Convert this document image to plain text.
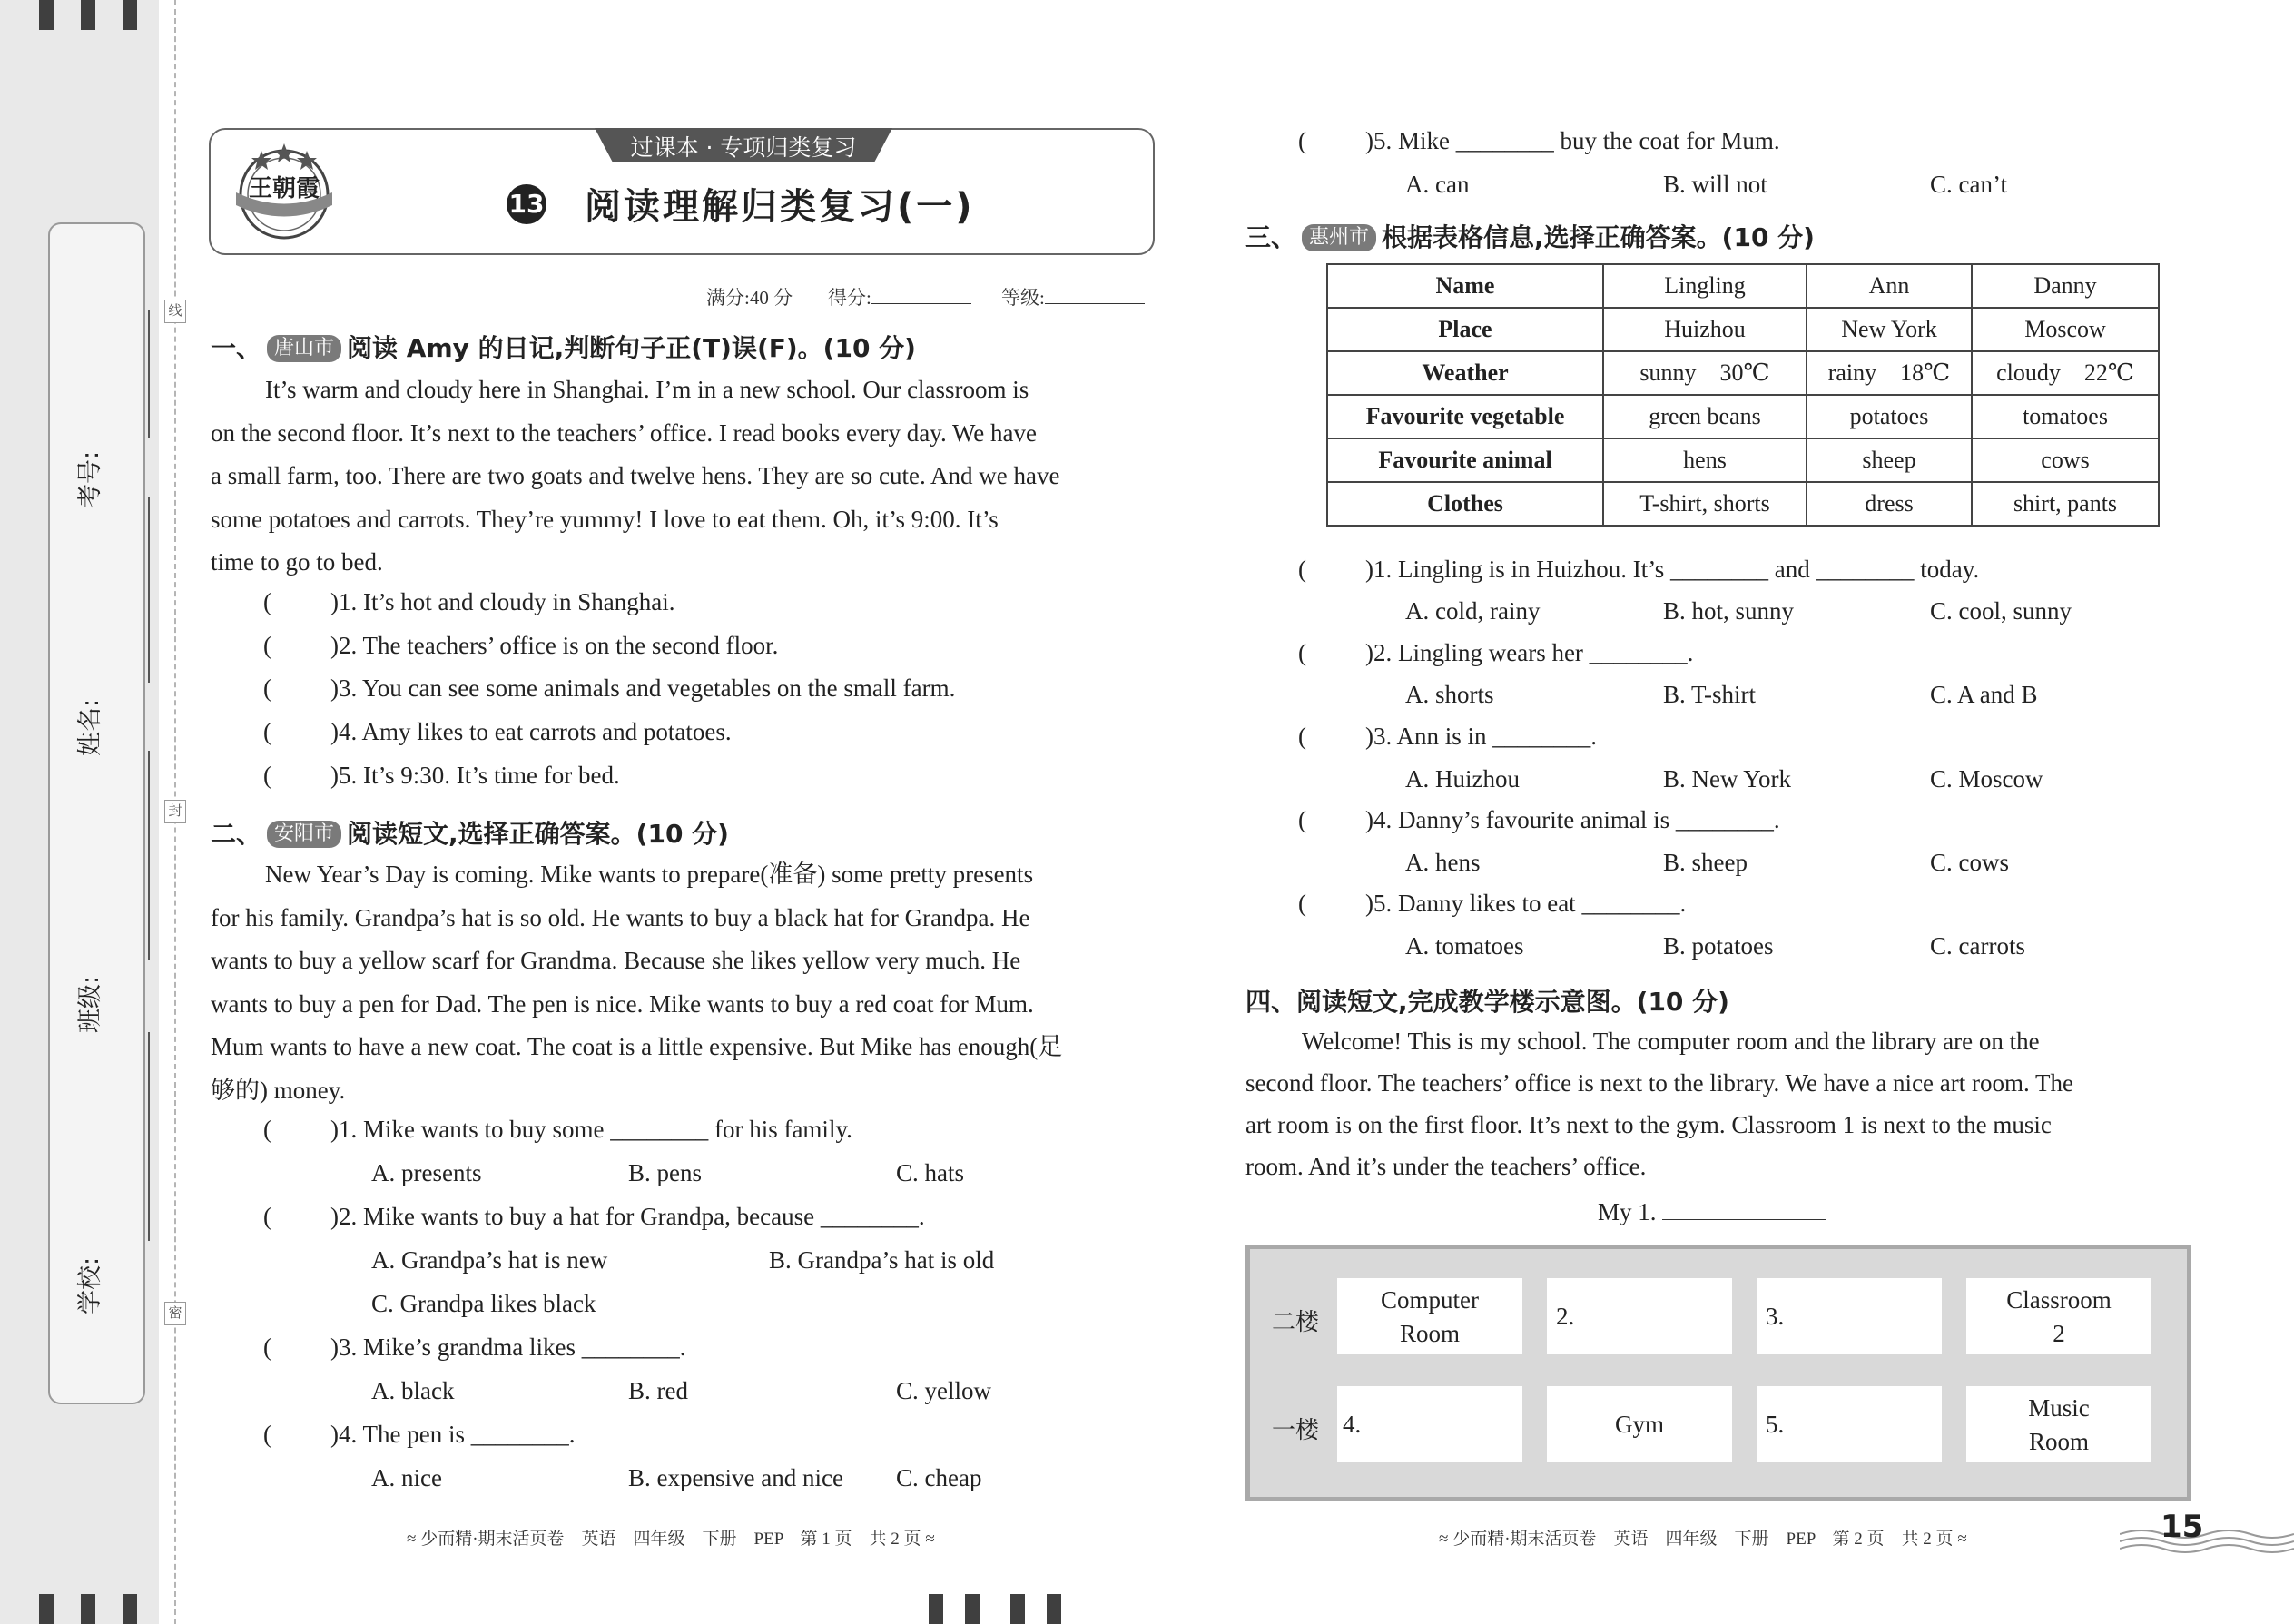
学校:
班级:
姓名:
考号:
线
封
密
王朝霞
过课本 · 专项归类复习
13 阅读理解归类复习(一)
满分:40 分 得分:	等级:
一、 唐山市 阅读 Amy 的日记,判断句子正(T)误(F)。(10 分)
It’s warm and cloudy here in Shanghai. I’m in a new school. Our classroom is
on the second floor. It’s next to the teachers’ office. I read books every day. We have
a small farm, too. There are two goats and twelve hens. They are so cute. And we have
some potatoes and carrots. They’re yummy! I love to eat them. Oh, it’s 9:00. It’s
time to go to bed.
( )1. It’s hot and cloudy in Shanghai.
( )2. The teachers’ office is on the second floor.
( )3. You can see some animals and vegetables on the small farm.
( )4. Amy likes to eat carrots and potatoes.
( )5. It’s 9:30. It’s time for bed.
二、 安阳市 阅读短文,选择正确答案。(10 分)
New Year’s Day is coming. Mike wants to prepare(准备) some pretty presents
for his family. Grandpa’s hat is so old. He wants to buy a black hat for Grandpa. He
wants to buy a yellow scarf for Grandma. Because she likes yellow very much. He
wants to buy a pen for Dad. The pen is nice. Mike wants to buy a red coat for Mum.
Mum wants to have a new coat. The coat is a little expensive. But Mike has enough(足
够的) money.
( )1. Mike wants to buy some ________ for his family.
A. presents	B. pens	C. hats
( )2. Mike wants to buy a hat for Grandpa, because ________.
A. Grandpa’s hat is new	B. Grandpa’s hat is old
C. Grandpa likes black
( )3. Mike’s grandma likes ________.
A. black	B. red	C. yellow
( )4. The pen is ________.
A. nice	B. expensive and nice C. cheap
( )5. Mike ________ buy the coat for Mum.
A. can	B. will not	C. can’t
三、 惠州市 根据表格信息,选择正确答案。(10 分)
Name	Lingling	Ann	Danny
Place	Huizhou	New York	Moscow
Weather	sunny    30℃	rainy    18℃	cloudy    22℃
Favourite vegetable	green beans	potatoes	tomatoes
Favourite animal	hens	sheep	cows
Clothes	T-shirt, shorts	dress	shirt, pants
( )1. Lingling is in Huizhou. It’s ________ and ________ today.
A. cold, rainy	B. hot, sunny	C. cool, sunny
( )2. Lingling wears her ________.
A. shorts	B. T-shirt	C. A and B
( )3. Ann is in ________.
A. Huizhou	B. New York	C. Moscow
( )4. Danny’s favourite animal is ________.
A. hens	B. sheep	C. cows
( )5. Danny likes to eat ________.
A. tomatoes	B. potatoes	C. carrots
四、阅读短文,完成教学楼示意图。(10 分)
Welcome! This is my school. The computer room and the library are on the
second floor. The teachers’ office is next to the library. We have a nice art room. The
art room is on the first floor. It’s next to the gym. Classroom 1 is next to the music
room. And it’s under the teachers’ office.
My 1.
二楼
一楼
Computer
Room
2.	3.
Classroom
2
4.	Gym	5.
Music
Room
≈ 少而精·期末活页卷　英语　四年级　下册　PEP　第 1 页　共 2 页 ≈	≈ 少而精·期末活页卷　英语　四年级　下册　PEP　第 2 页　共 2 页 ≈	15
